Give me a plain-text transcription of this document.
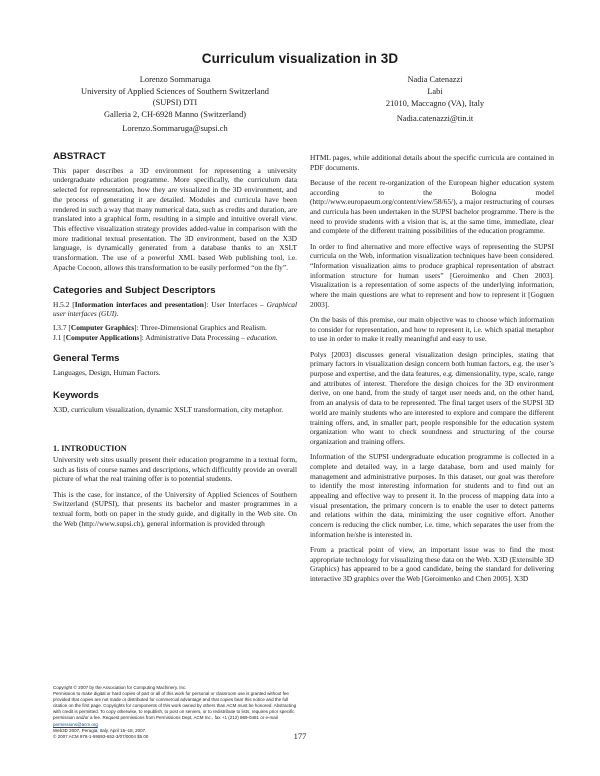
Curriculum visualization in 3D
Lorenzo Sommaruga
University of Applied Sciences of Southern Switzerland
(SUPSI) DTI
Galleria 2, CH-6928 Manno (Switzerland)
Lorenzo.Sommaruga@supsi.ch
Nadia Catenazzi
Labi
21010, Maccagno (VA), Italy
Nadia.catenazzi@tin.it
ABSTRACT

This paper describes a 3D environment for representing a university undergraduate education programme. More specifically, the curriculum data selected for representation, how they are visualized in the 3D environment, and the process of generating it are detailed. Modules and curricula have been rendered in such a way that many numerical data, such as credits and duration, are translated into a graphical form, resulting in a simple and intuitive overall view. This effective visualization strategy provides added-value in comparison with the more traditional textual presentation. The 3D environment, based on the X3D language, is dynamically generated from a database thanks to an XSLT transformation. The use of a powerful XML based Web publishing tool, i.e. Apache Cocoon, allows this transformation to be easily performed “on the fly”.

Categories and Subject Descriptors

H.5.2 [Information interfaces and presentation]: User Interfaces – Graphical user interfaces (GUI).

I.3.7 [Computer Graphics]: Three-Dimensional Graphics and Realism.

J.1 [Computer Applications]: Administrative Data Processing – education.

General Terms

Languages, Design, Human Factors.

Keywords

X3D, curriculum visualization, dynamic XSLT transformation, city metaphor.

1. INTRODUCTION

University web sites usually present their education programme in a textual form, such as lists of course names and descriptions, which difficultly provide an overall picture of what the real training offer is to potential students.

This is the case, for instance, of the University of Applied Sciences of Southern Switzerland (SUPSI), that presents its bachelor and master programmes in a textual form, both on paper in the study guide, and digitally in the Web site. On the Web (http://www.supsi.ch), general information is provided through

Copyright © 2007 by the Association for Computing Machinery, Inc.
Permission to make digital or hard copies of part or all of this work for personal or classroom use is granted without fee provided that copies are not made or distributed for commercial advantage and that copies bear this notice and the full citation on the first page. Copyrights for components of this work owned by others than ACM must be honored. Abstracting with credit is permitted. To copy otherwise, to republish, to post on servers, or to redistribute to lists, requires prior specific permission and/or a fee. Request permissions from Permissions Dept, ACM Inc., fax +1 (212) 869-0481 or e-mail
permissions@acm.org
Web3D 2007, Perugia, Italy, April 15–18, 2007.
© 2007 ACM 978-1-59593-652-3/07/0004 $5.00

HTML pages, while additional details about the specific curricula are contained in PDF documents.

Because of the recent re-organization of the European higher education system according to the Bologna model (http://www.europaeum.org/content/view/58/65/), a major restructuring of courses and curricula has been undertaken in the SUPSI bachelor programme. There is the need to provide students with a vision that is, at the same time, immediate, clear and complete of the different training possibilities of the education programme.

In order to find alternative and more effective ways of representing the SUPSI curricula on the Web, information visualization techniques have been considered. “Information visualization aims to produce graphical representation of abstract information structure for human users” [Geroimenko and Chen 2003]. Visualization is a representation of some aspects of the underlying information, where the main questions are what to represent and how to represent it [Goguen 2003].

On the basis of this premise, our main objective was to choose which information to consider for representation, and how to represent it, i.e. which spatial metaphor to use in order to make it really meaningful and easy to use.

Polys [2003] discusses general visualization design principles, stating that primary factors in visualization design concern both human factors, e.g. the user’s purpose and expertise, and the data features, e.g. dimensionality, type, scale, range and attributes of interest. Therefore the design choices for the 3D environment derive, on one hand, from the study of target user needs and, on the other hand, from an analysis of data to be represented. The final target users of the SUPSI 3D world are mainly students who are interested to explore and compare the different training offers, and, in smaller part, people responsible for the education system organization who want to check soundness and structuring of the course organization and training offers.

Information of the SUPSI undergraduate education programme is collected in a complete and detailed way, in a large database, born and used mainly for management and administrative purposes. In this dataset, our goal was therefore to identify the most interesting information for students and to find out an appealing and effective way to present it. In the process of mapping data into a visual presentation, the primary concern is to enable the user to detect patterns and relations within the data, minimizing the user cognitive effort. Another concern is reducing the click number, i.e. time, which separates the user from the information he/she is interested in.

From a practical point of view, an important issue was to find the most appropriate technology for visualizing these data on the Web. X3D (Extensible 3D Graphics) has appeared to be a good candidate, being the standard for delivering interactive 3D graphics over the Web [Geroimenko and Chen 2005]. X3D

177
